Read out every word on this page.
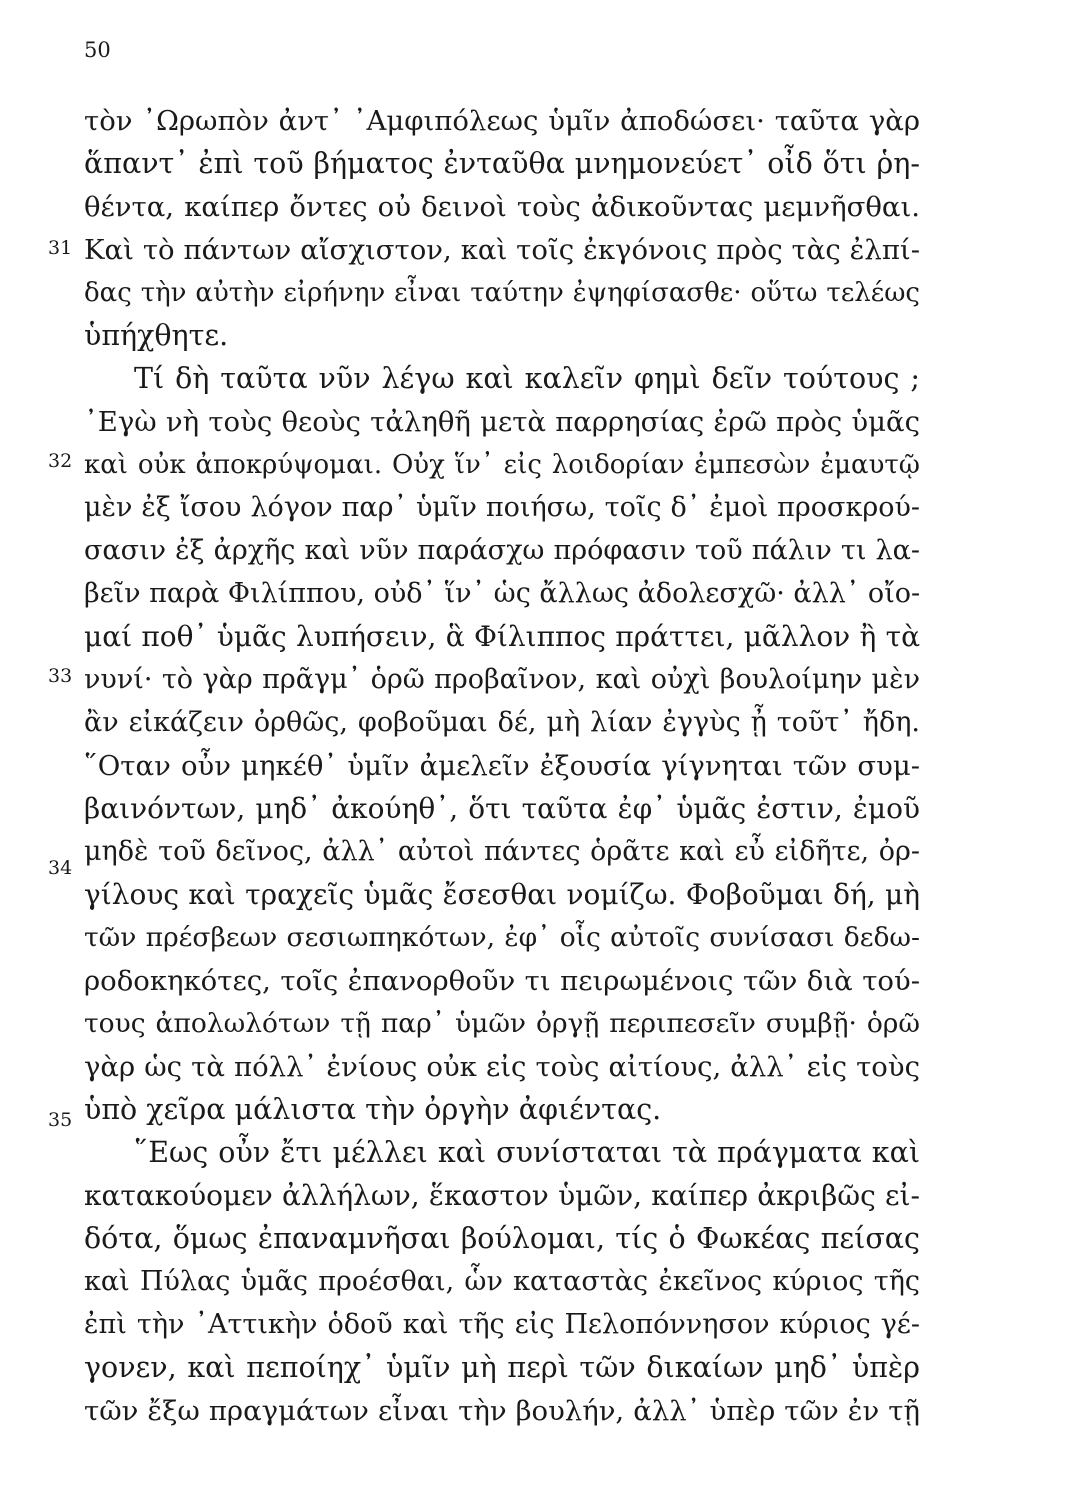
50
31
32
33
34
35
τὸν ᾿Ωρωπὸν ἀντ᾿ ᾿Αμφιπόλεως ὑμῖν ἀποδώσει· ταῦτα γὰρ
ἅπαντ᾿ ἐπὶ τοῦ βήματος ἐνταῦθα μνημονεύετ᾿ οἶδ ὅτι ῥη-
θέντα, καίπερ ὄντες οὐ δεινοὶ τοὺς ἀδικοῦντας μεμνῆσθαι.
Καὶ τὸ πάντων αἴσχιστον, καὶ τοῖς ἐκγόνοις πρὸς τὰς ἐλπί-
δας τὴν αὐτὴν εἰρήνην εἶναι ταύτην ἐψηφίσασθε· οὕτω τελέως
ὑπήχθητε.
Τί δὴ ταῦτα νῦν λέγω καὶ καλεῖν φημὶ δεῖν τούτους ;
᾿Εγὼ νὴ τοὺς θεοὺς τἀληθῆ μετὰ παρρησίας ἐρῶ πρὸς ὑμᾶς
καὶ οὐκ ἀποκρύψομαι. Οὐχ ἵν᾿ εἰς λοιδορίαν ἐμπεσὼν ἐμαυτῷ
μὲν ἐξ ἴσου λόγον παρ᾿ ὑμῖν ποιήσω, τοῖς δ᾿ ἐμοὶ προσκρού-
σασιν ἐξ ἀρχῆς καὶ νῦν παράσχω πρόφασιν τοῦ πάλιν τι λα-
βεῖν παρὰ Φιλίππου, οὐδ᾿ ἵν᾿ ὡς ἄλλως ἀδολεσχῶ· ἀλλ᾿ οἴο-
μαί ποθ᾿ ὑμᾶς λυπήσειν, ἃ Φίλιππος πράττει, μᾶλλον ἢ τὰ
νυνί· τὸ γὰρ πρᾶγμ᾿ ὁρῶ προβαῖνον, καὶ οὐχὶ βουλοίμην μὲν
ἂν εἰκάζειν ὀρθῶς, φοβοῦμαι δέ, μὴ λίαν ἐγγὺς ᾖ τοῦτ᾿ ἤδη.
῞Οταν οὖν μηκέθ᾿ ὑμῖν ἀμελεῖν ἐξουσία γίγνηται τῶν συμ-
βαινόντων, μηδ᾿ ἀκούηθ᾿, ὅτι ταῦτα ἐφ᾿ ὑμᾶς ἐστιν, ἐμοῦ
μηδὲ τοῦ δεῖνος, ἀλλ᾿ αὐτοὶ πάντες ὁρᾶτε καὶ εὖ εἰδῆτε, ὀρ-
γίλους καὶ τραχεῖς ὑμᾶς ἔσεσθαι νομίζω. Φοβοῦμαι δή, μὴ
τῶν πρέσβεων σεσιωπηκότων, ἐφ᾿ οἷς αὐτοῖς συνίσασι δεδω-
ροδοκηκότες, τοῖς ἐπανορθοῦν τι πειρωμένοις τῶν διὰ τού-
τους ἀπολωλότων τῇ παρ᾿ ὑμῶν ὀργῇ περιπεσεῖν συμβῇ· ὁρῶ
γὰρ ὡς τὰ πόλλ᾿ ἐνίους οὐκ εἰς τοὺς αἰτίους, ἀλλ᾿ εἰς τοὺς
ὑπὸ χεῖρα μάλιστα τὴν ὀργὴν ἀφιέντας.
῞Εως οὖν ἔτι μέλλει καὶ συνίσταται τὰ πράγματα καὶ
κατακούομεν ἀλλήλων, ἕκαστον ὑμῶν, καίπερ ἀκριβῶς εἰ-
δότα, ὅμως ἐπαναμνῆσαι βούλομαι, τίς ὁ Φωκέας πείσας
καὶ Πύλας ὑμᾶς προέσθαι, ὧν καταστὰς ἐκεῖνος κύριος τῆς
ἐπὶ τὴν ᾿Αττικὴν ὁδοῦ καὶ τῆς εἰς Πελοπόννησον κύριος γέ-
γονεν, καὶ πεποίηχ᾿ ὑμῖν μὴ περὶ τῶν δικαίων μηδ᾿ ὑπὲρ
τῶν ἔξω πραγμάτων εἶναι τὴν βουλήν, ἀλλ᾿ ὑπὲρ τῶν ἐν τῇ
